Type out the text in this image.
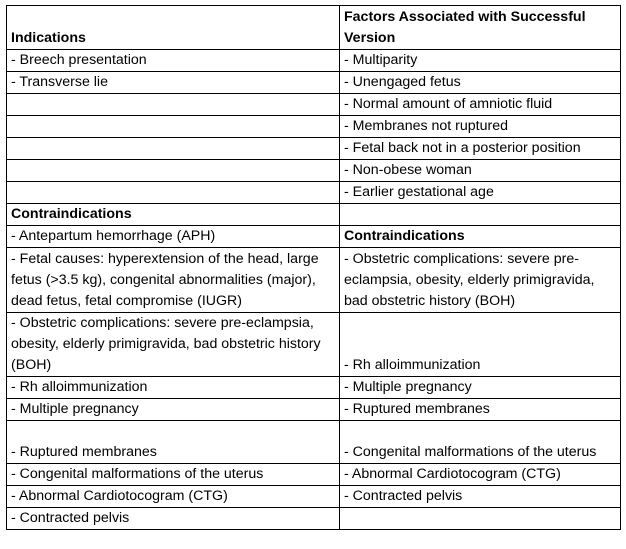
Indications	Factors Associated with Successful Version
- Breech presentation	- Multiparity
- Transverse lie	- Unengaged fetus
	- Normal amount of amniotic fluid
	- Membranes not ruptured
	- Fetal back not in a posterior position
	- Non-obese woman
	- Earlier gestational age
Contraindications	
- Antepartum hemorrhage (APH)	Contraindications
- Fetal causes: hyperextension of the head, large fetus (>3.5 kg), congenital abnormalities (major), dead fetus, fetal compromise (IUGR)	- Obstetric complications: severe pre-eclampsia, obesity, elderly primigravida, bad obstetric history (BOH)
- Obstetric complications: severe pre-eclampsia, obesity, elderly primigravida, bad obstetric history (BOH)	- Rh alloimmunization
- Rh alloimmunization	- Multiple pregnancy
- Multiple pregnancy	- Ruptured membranes
- Ruptured membranes	- Congenital malformations of the uterus
- Congenital malformations of the uterus	- Abnormal Cardiotocogram (CTG)
- Abnormal Cardiotocogram (CTG)	- Contracted pelvis
- Contracted pelvis	
